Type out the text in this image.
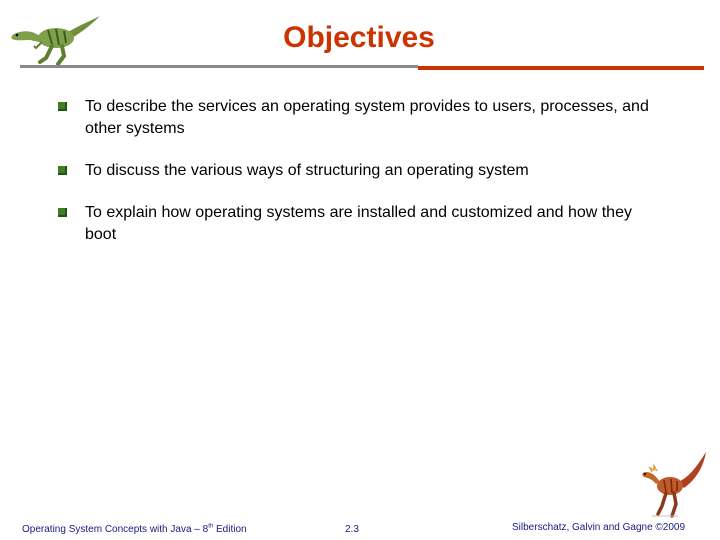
Objectives
To describe the services an operating system provides to users, processes, and other systems
To discuss the various ways of structuring an operating system
To explain how operating systems are installed and customized and how they boot
Operating System Concepts with Java – 8th Edition	2.3	Silberschatz, Galvin and Gagne ©2009
